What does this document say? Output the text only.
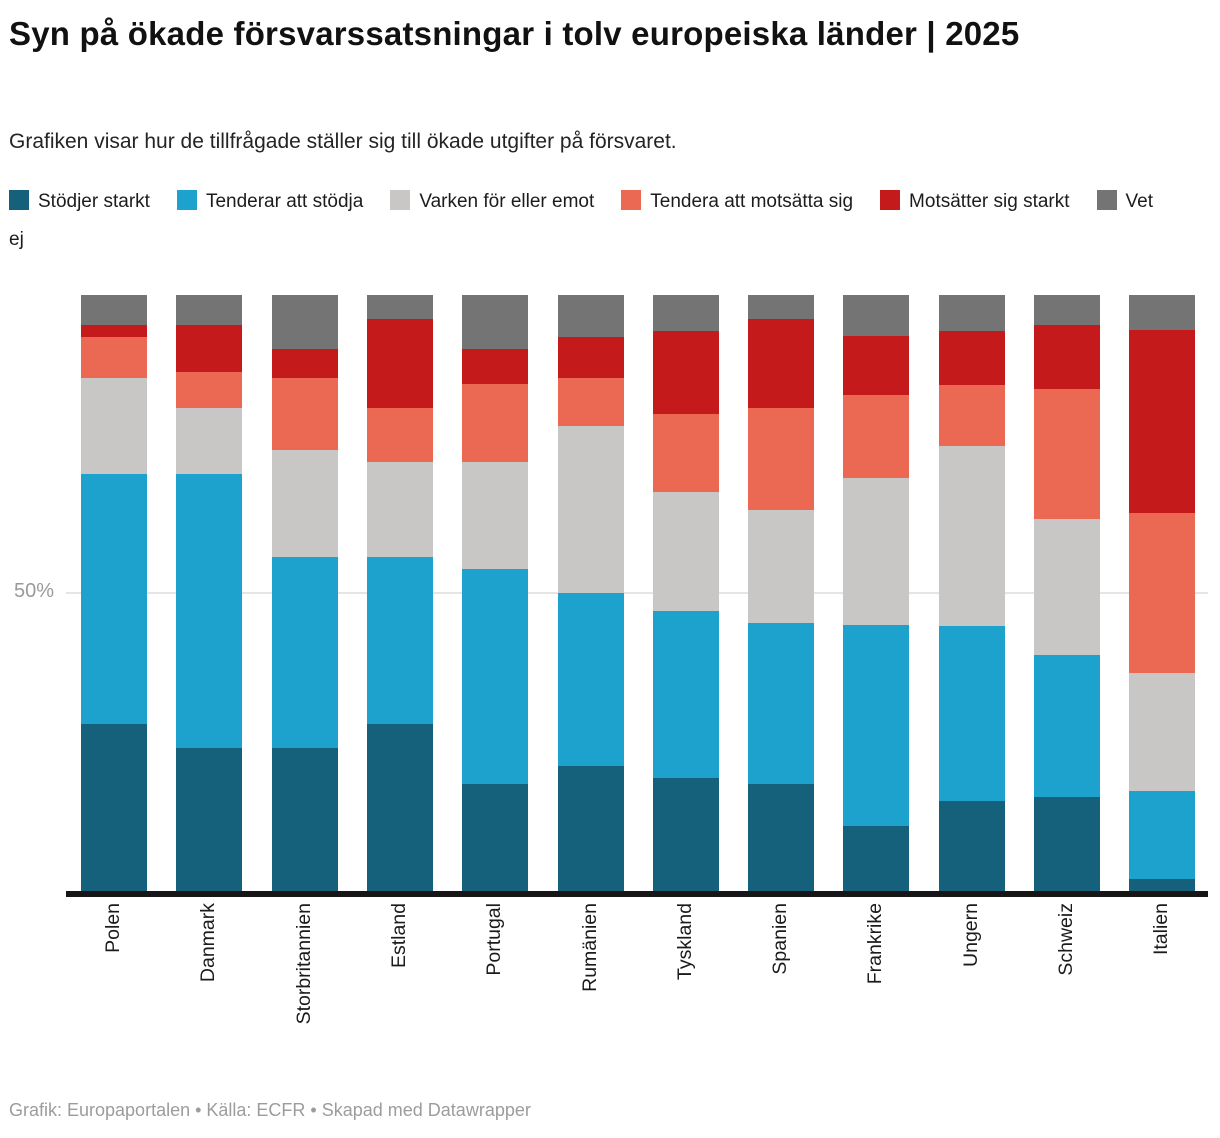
Syn på ökade försvarssatsningar i tolv europeiska länder | 2025
Grafiken visar hur de tillfrågade ställer sig till ökade utgifter på försvaret.
Stödjer starkt	Tenderar att stödja	Varken för eller emot	Tendera att motsätta sig	Motsätter sig starkt	Vet ej
50%
Polen	Danmark	Storbritannien	Estland	Portugal	Rumänien	Tyskland	Spanien	Frankrike	Ungern	Schweiz	Italien
Grafik: Europaportalen • Källa: ECFR • Skapad med Datawrapper
